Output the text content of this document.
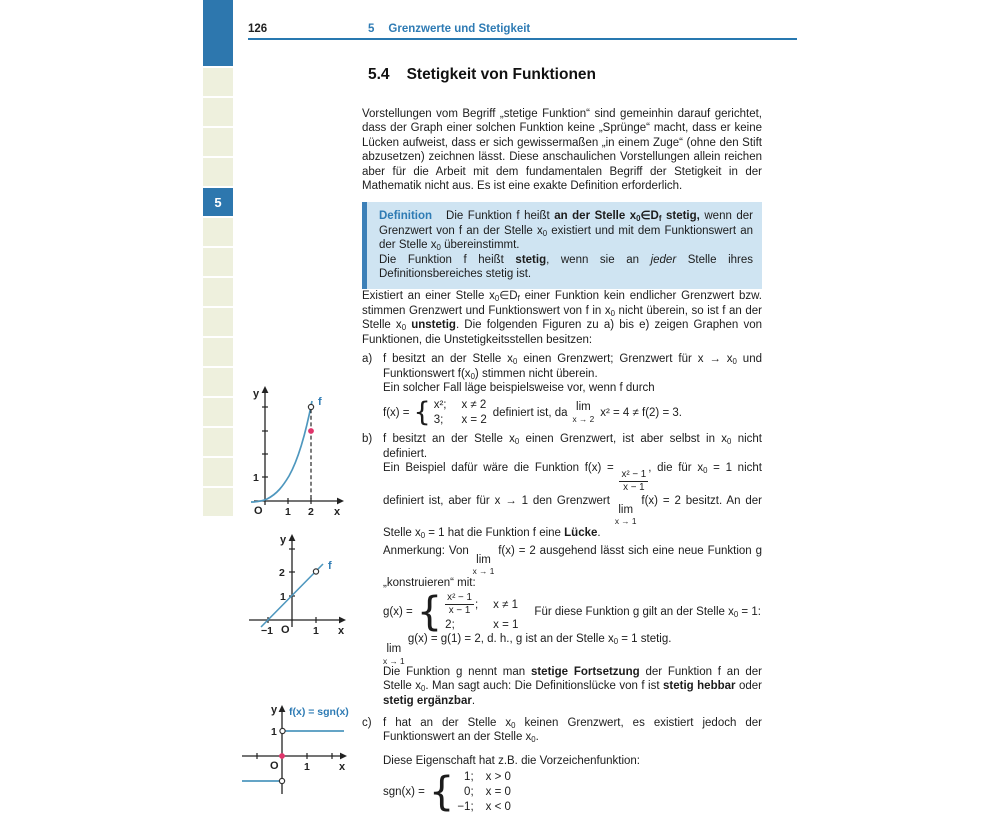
5
126	5 Grenzwerte und Stetigkeit
5.4 Stetigkeit von Funktionen

Vorstellungen vom Begriff „stetige Funktion“ sind gemeinhin darauf gerichtet, dass der Graph einer solchen Funktion keine „Sprünge“ macht, dass er keine Lücken aufweist, dass er sich gewissermaßen „in einem Zuge“ (ohne den Stift abzusetzen) zeichnen lässt. Diese anschaulichen Vorstellungen allein reichen aber für die Arbeit mit dem fundamentalen Begriff der Stetigkeit in der Mathematik nicht aus. Es ist eine exakte Definition erforderlich.

Definition Die Funktion f heißt an der Stelle $x_0\in D_f$ stetig, wenn der Grenzwert von f an der Stelle $x_0$ existiert und mit dem Funktionswert an der Stelle $x_0$ übereinstimmt.

Die Funktion f heißt stetig, wenn sie an jeder Stelle ihres Definitionsbereiches stetig ist.

Existiert an einer Stelle $x_0\in D_f$ einer Funktion kein endlicher Grenzwert bzw. stimmen Grenzwert und Funktionswert von f in $x_0$ nicht überein, so ist f an der Stelle $x_0$ unstetig. Die folgenden Figuren zu a) bis e) zeigen Graphen von Funktionen, die Unstetigkeitsstellen besitzen:

a) f besitzt an der Stelle $x_0$ einen Grenzwert; Grenzwert für $x \to x_0$ und Funktionswert $f(x_0)$ stimmen nicht überein.

Ein solcher Fall läge beispielsweise vor, wenn f durch

f(x) = { x²; x ≠ 2
3; x = 2
definiert ist, da lim
x → 2
x² = 4 ≠ f(2) = 3.
b) f besitzt an der Stelle $x_0$ einen Grenzwert, ist aber selbst in $x_0$ nicht definiert.

Ein Beispiel dafür wäre die Funktion f(x) =
$\frac{\text{x² − 1}}{x - 1}$
, die für $x_0 = 1$ nicht definiert ist, aber für x → 1 den Grenzwert
lim
x → 1
f(x) = 2 besitzt. An der Stelle $x_0 = 1$ hat die Funktion f eine Lücke.

Anmerkung: Von
lim
x → 1
f(x) = 2 ausgehend lässt sich eine neue Funktion g „konstruieren“ mit:

g(x) = { $\frac{\text{x² − 1}}{x - 1}$ ; x ≠ 1
2;	x = 1
Für diese Funktion g gilt an der Stelle $x_0 = 1$:

lim
x → 1
g(x) = g(1) = 2, d. h., g ist an der Stelle $x_0 = 1$ stetig.

Die Funktion g nennt man stetige Fortsetzung der Funktion f an der Stelle $x_0$. Man sagt auch: Die Definitionslücke von f ist stetig hebbar oder stetig ergänzbar.

c) f hat an der Stelle $x_0$ keinen Grenzwert, es existiert jedoch der Funktionswert an der Stelle $x_0$.

Diese Eigenschaft hat z.B. die Vorzeichenfunktion:

sgn(x) = { 1; x > 0
0; x = 0
−1; x < 0
y
x
O 1 2
1
f
y
x
O
−1	1
1
2
f
y
x
O 1
1
f(x) = sgn(x)
